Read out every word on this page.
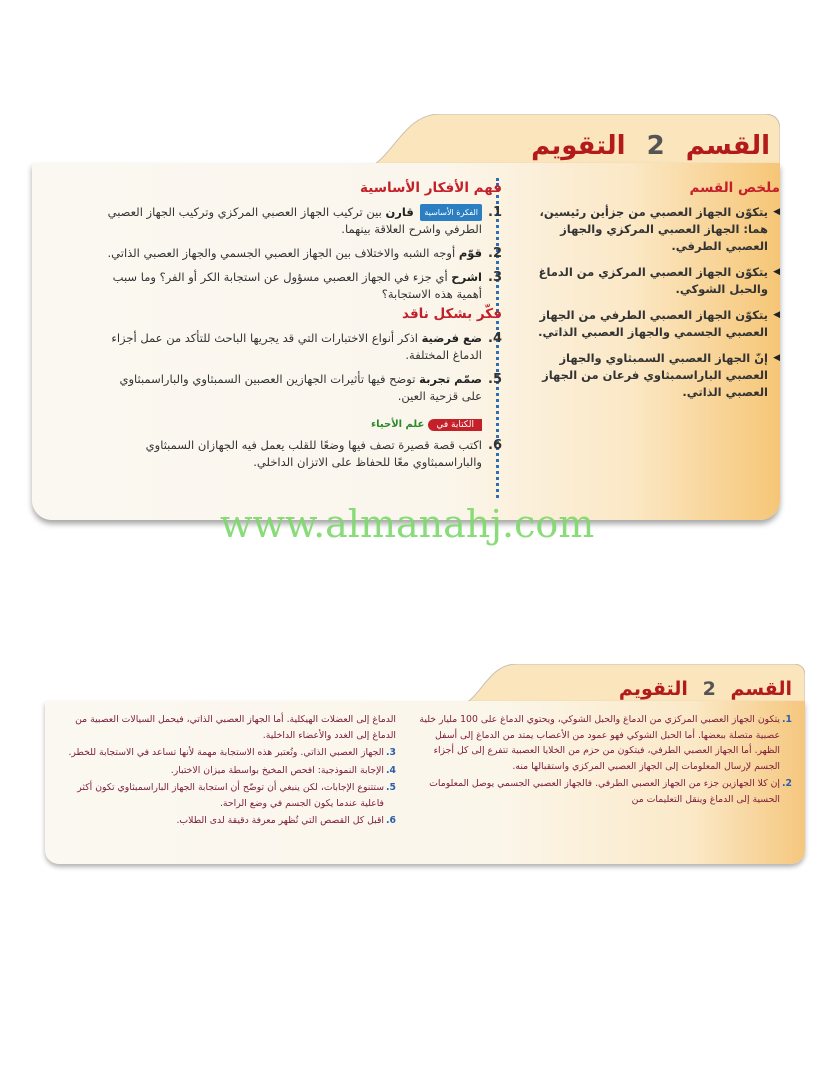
القسم 2 التقويم
ملخص القسم
◀ يتكوّن الجهاز العصبي من جزأين رئيسين، هما: الجهاز العصبي المركزي والجهاز العصبي الطرفي.
◀ يتكوّن الجهاز العصبي المركزي من الدماغ والحبل الشوكي.
◀ يتكوّن الجهاز العصبي الطرفي من الجهاز العصبي الجسمي والجهاز العصبي الذاتي.
◀ إنّ الجهاز العصبي السمبثاوي والجهاز العصبي الباراسمبثاوي فرعان من الجهاز العصبي الذاتي.
فهم الأفكار الأساسية
1.
الفكرة الأساسية قارن بين تركيب الجهاز العصبي المركزي وتركيب الجهاز العصبي الطرفي واشرح العلاقة بينهما.
2.
قوّم أوجه الشبه والاختلاف بين الجهاز العصبي الجسمي والجهاز العصبي الذاتي.
3.
اشرح أي جزء في الجهاز العصبي مسؤول عن استجابة الكر أو الفر؟ وما سبب أهمية هذه الاستجابة؟
فكّر بشكل ناقد
4.
ضع فرضية اذكر أنواع الاختبارات التي قد يجريها الباحث للتأكد من عمل أجزاء الدماغ المختلفة.
5.
صمّم تجربة توضح فيها تأثيرات الجهازين العصبين السمبثاوي والباراسمبثاوي على قزحية العين.
الكتابة فيعلم الأحياء
6.
اكتب قصة قصيرة تصف فيها وضعًا للقلب يعمل فيه الجهازان السمبثاوي والباراسمبثاوي معًا للحفاظ على الاتزان الداخلي.
www.almanahj.com
القسم 2 التقويم
1.
يتكون الجهاز العصبي المركزي من الدماغ والحبل الشوكي، ويحتوي الدماغ على 100 مليار خلية عصبية متصلة ببعضها. أما الحبل الشوكي فهو عمود من الأعصاب يمتد من الدماغ إلى أسفل الظهر. أما الجهاز العصبي الطرفي، فيتكون من حزم من الخلايا العصبية تتفرع إلى كل أجزاء الجسم لإرسال المعلومات إلى الجهاز العصبي المركزي واستقبالها منه.
2.
إن كلا الجهازين جزء من الجهاز العصبي الطرفي. فالجهاز العصبي الجسمي يوصل المعلومات الحسية إلى الدماغ وينقل التعليمات من
الدماغ إلى العضلات الهيكلية. أما الجهاز العصبي الذاتي، فيحمل السيالات العصبية من الدماغ إلى الغدد والأعضاء الداخلية.
3.
الجهاز العصبي الذاتي. وتُعتبر هذه الاستجابة مهمة لأنها تساعد في الاستجابة للخطر.
4.
الإجابة النموذجية: افحص المخيخ بواسطة ميزان الاختبار.
5.
ستتنوع الإجابات، لكن ينبغي أن توضّح أن استجابة الجهاز الباراسمبثاوي تكون أكثر فاعلية عندما يكون الجسم في وضع الراحة.
6.
اقبل كل القصص التي تُظهر معرفة دقيقة لدى الطلاب.
